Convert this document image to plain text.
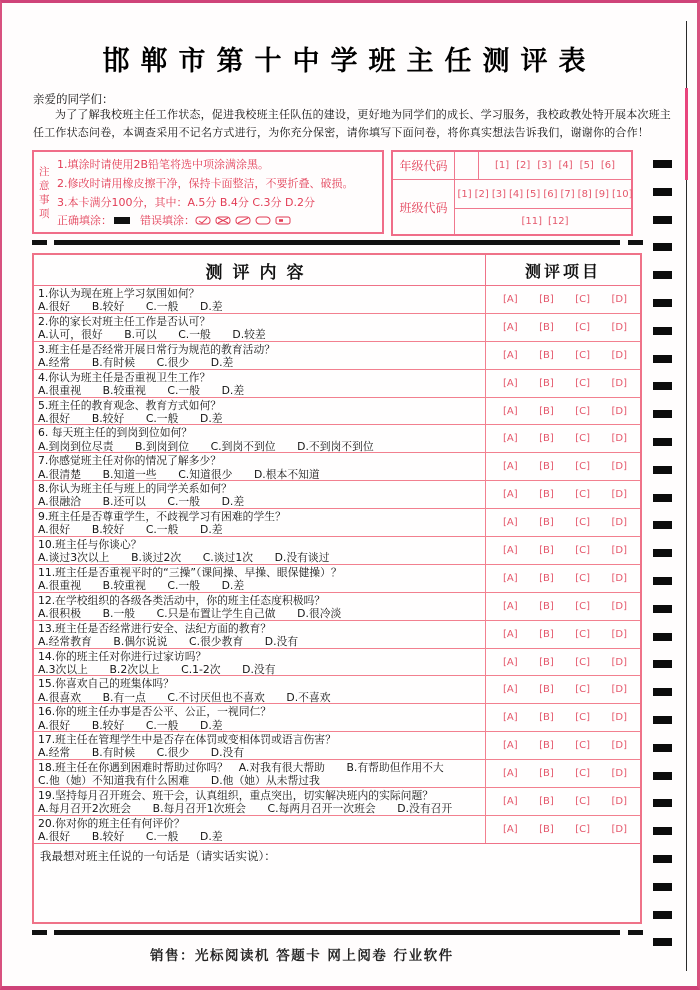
邯郸市第十中学班主任测评表
亲爱的同学们：
为了了解我校班主任工作状态，促进我校班主任队伍的建设，更好地为同学们的成长、学习服务，我校政教处特开展本次班主任工作状态问卷，本调查采用不记名方式进行，为你充分保密，请你填写下面问卷，将你真实想法告诉我们，谢谢你的合作！
注意事项
1.填涂时请使用2B铅笔将选中项涂满涂黑。
2.修改时请用橡皮擦干净，保持卡面整洁，不要折叠、破损。
3.本卡满分100分，其中：A.5分 B.4分 C.3分 D.2分
正确填涂：	错误填涂：
年级代码	[1] [2] [3] [4] [5] [6]
班级代码
[1] [2] [3] [4] [5] [6] [7] [8] [9] [10]
[11] [12]
测评内容	测评项目
1.你认为现在班上学习氛围如何？
A.很好　　B.较好　　C.一般　　D.差
[A] [B] [C] [D]
2.你的家长对班主任工作是否认可？
A.认可，很好　　B.可以　　C.一般　　D.较差
[A] [B] [C] [D]
3.班主任是否经常开展日常行为规范的教育活动？
A.经常　　B.有时候　　C.很少　　D.差
[A] [B] [C] [D]
4.你认为班主任是否重视卫生工作？
A.很重视　　B.较重视　　C.一般　　D.差
[A] [B] [C] [D]
5.班主任的教育观念、教育方式如何？
A.很好　　B.较好　　C.一般　　D.差
[A] [B] [C] [D]
6. 每天班主任的到岗到位如何？
A.到岗到位尽责　　B.到岗到位　　C.到岗不到位　　D.不到岗不到位
[A] [B] [C] [D]
7.你感觉班主任对你的情况了解多少？
A.很清楚　　B.知道一些　　C.知道很少　　D.根本不知道
[A] [B] [C] [D]
8.你认为班主任与班上的同学关系如何？
A.很融洽　　B.还可以　　C.一般　　D.差
[A] [B] [C] [D]
9.班主任是否尊重学生，不歧视学习有困难的学生？
A.很好　　B.较好　　C.一般　　D.差
[A] [B] [C] [D]
10.班主任与你谈心？
A.谈过3次以上　　B.谈过2次　　C.谈过1次　　D.没有谈过
[A] [B] [C] [D]
11.班主任是否重视平时的“三操”（课间操、早操、眼保健操）？
A.很重视　　B.较重视　　C.一般　　D.差
[A] [B] [C] [D]
12.在学校组织的各级各类活动中，你的班主任态度积极吗？
A.很积极　　B.一般　　C.只是布置让学生自己做　　D.很冷淡
[A] [B] [C] [D]
13.班主任是否经常进行安全、法纪方面的教育？
A.经常教育　　B.偶尔说说　　C.很少教育　　D.没有
[A] [B] [C] [D]
14.你的班主任对你进行过家访吗？
A.3次以上　　B.2次以上　　C.1-2次　　D.没有
[A] [B] [C] [D]
15.你喜欢自己的班集体吗？
A.很喜欢　　B.有一点　　C.不讨厌但也不喜欢　　D.不喜欢
[A] [B] [C] [D]
16.你的班主任办事是否公平、公正，一视同仁？
A.很好　　B.较好　　C.一般　　D.差
[A] [B] [C] [D]
17.班主任在管理学生中是否存在体罚或变相体罚或语言伤害？
A.经常　　B.有时候　　C.很少　　D.没有
[A] [B] [C] [D]
18.班主任在你遇到困难时帮助过你吗？　A.对我有很大帮助　　B.有帮助但作用不大
C.他（她）不知道我有什么困难　　D.他（她）从未帮过我
[A] [B] [C] [D]
19.坚持每月召开班会、班干会，认真组织，重点突出，切实解决班内的实际问题？
A.每月召开2次班会　　B.每月召开1次班会　　C.每两月召开一次班会　　D.没有召开
[A] [B] [C] [D]
20.你对你的班主任有何评价？
A.很好　　B.较好　　C.一般　　D.差
[A] [B] [C] [D]
我最想对班主任说的一句话是（请实话实说）：
销售：光标阅读机 答题卡 网上阅卷 行业软件
